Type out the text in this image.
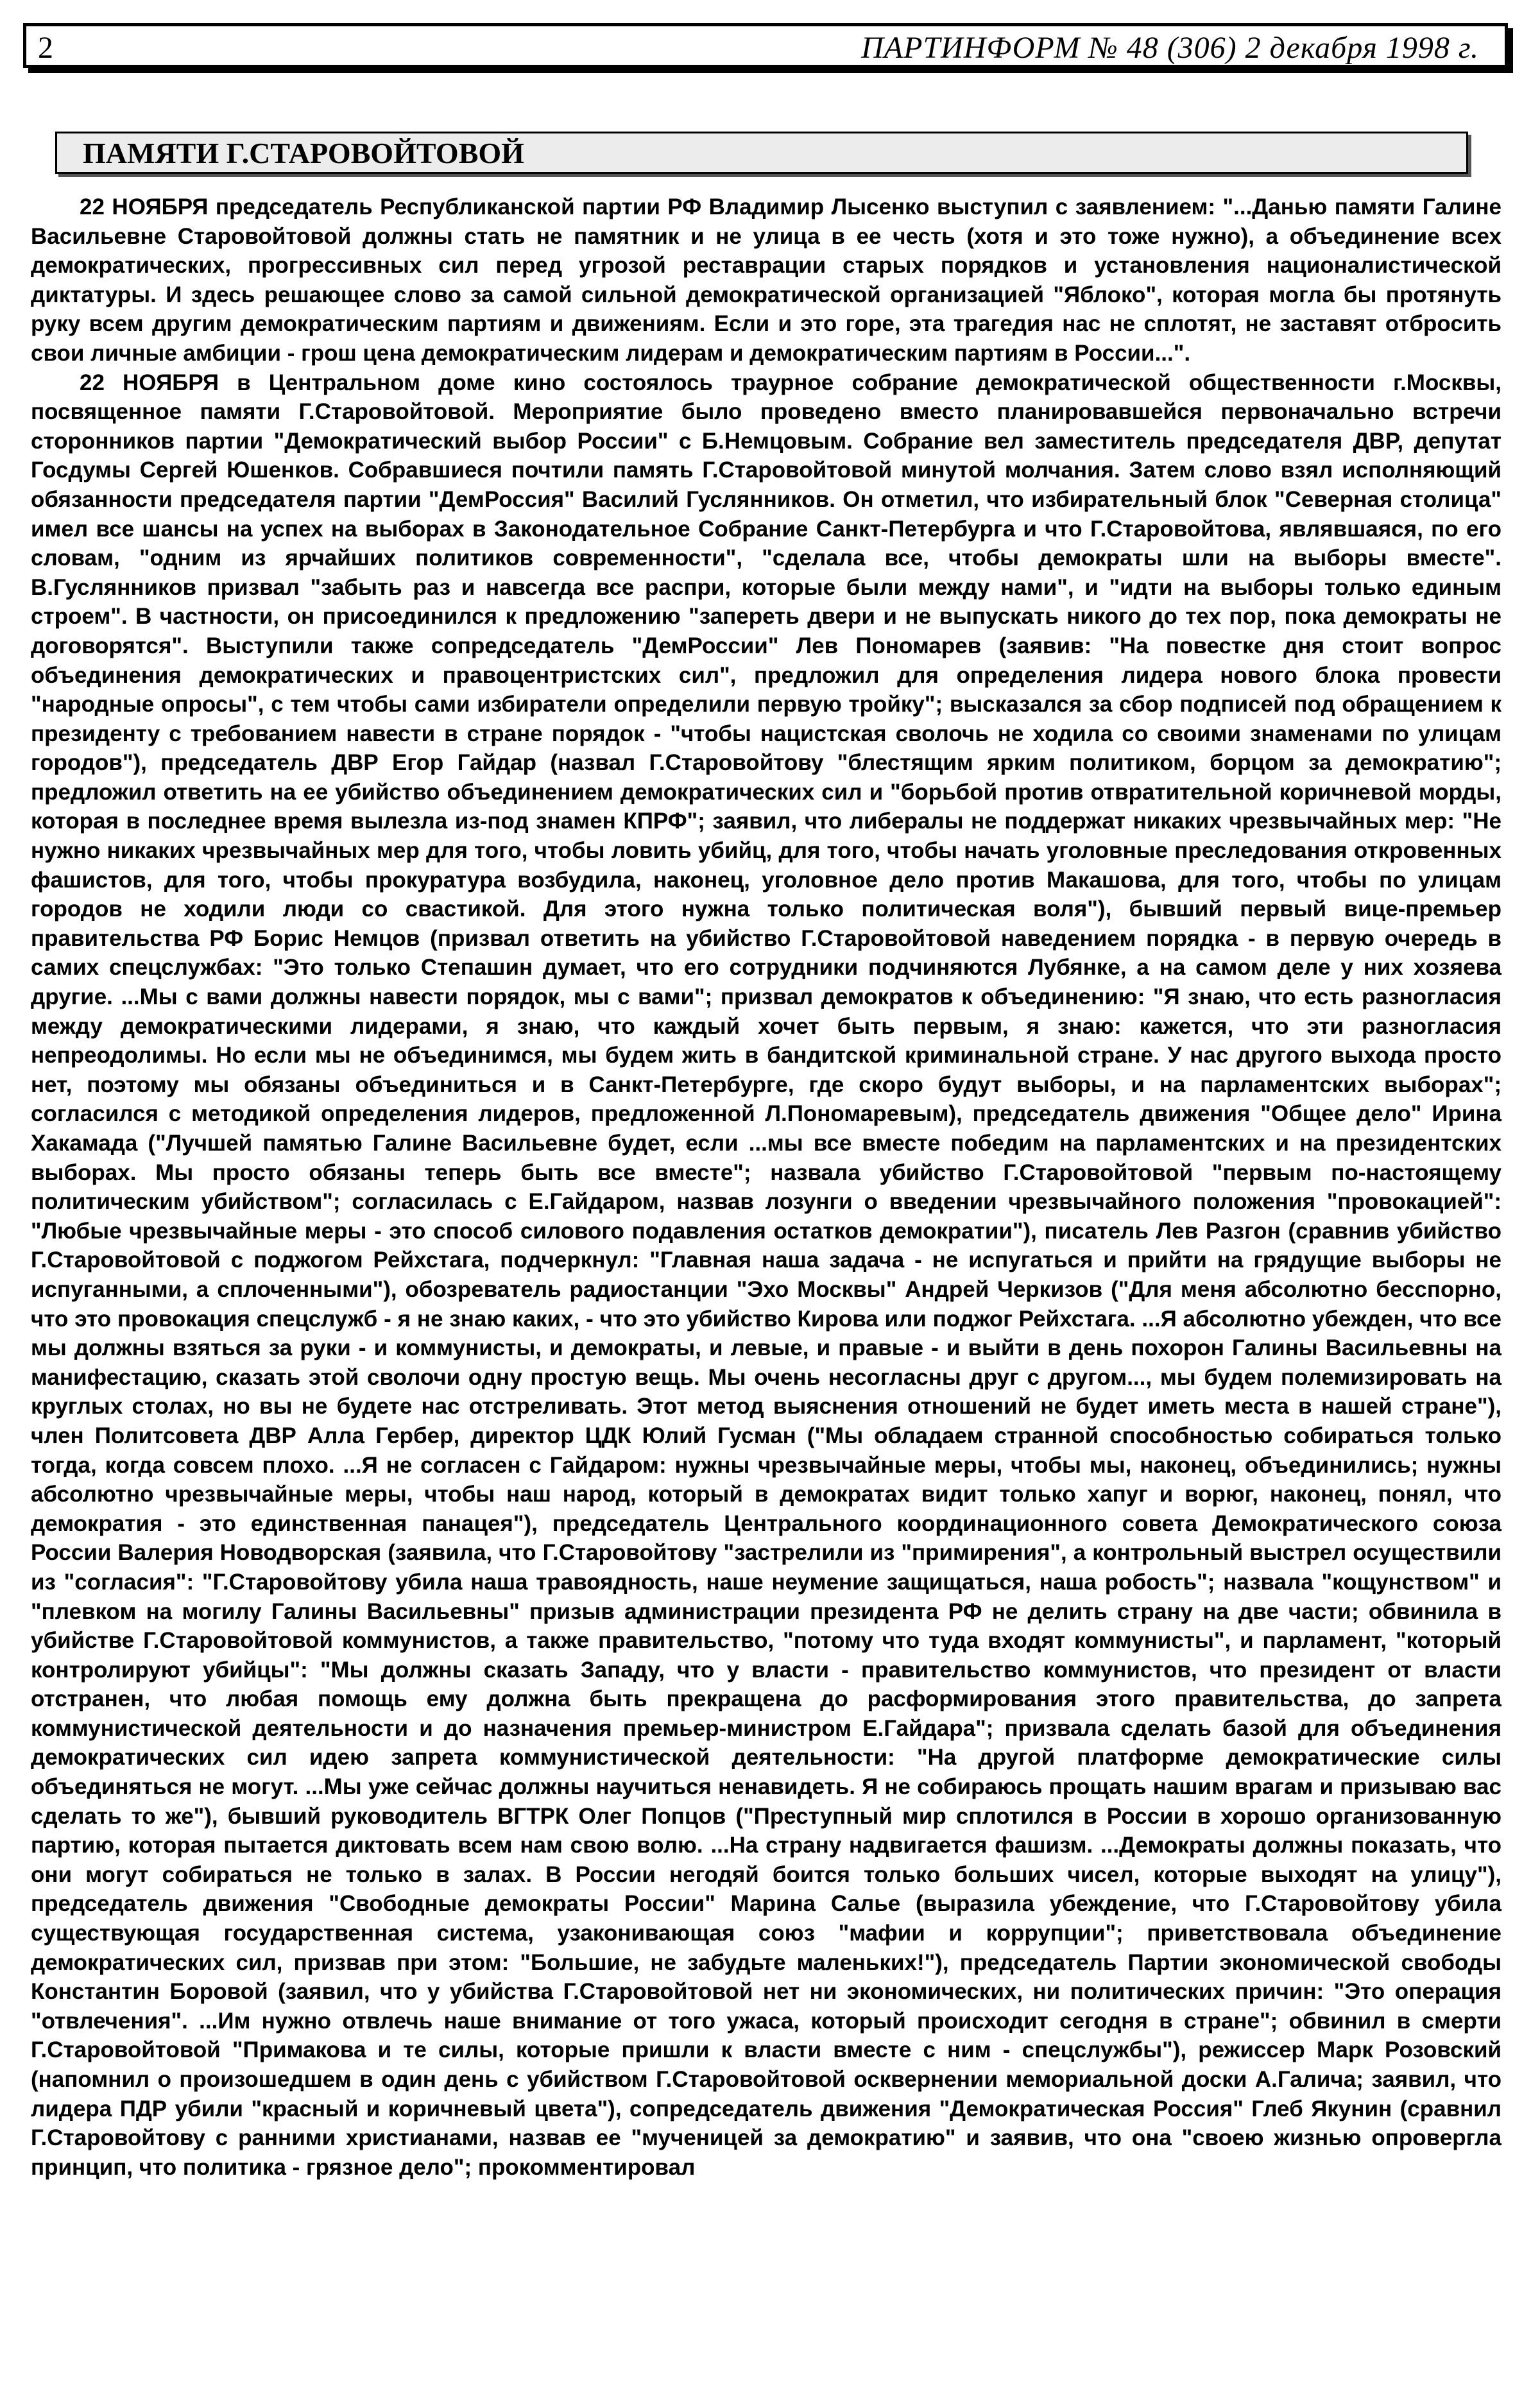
2	ПАРТИНФОРМ № 48 (306) 2 декабря 1998 г.
ПАМЯТИ Г.СТАРОВОЙТОВОЙ

22 НОЯБРЯ председатель Республиканской партии РФ Владимир Лысенко выступил с заявлением: "...Данью памяти Галине Васильевне Старовойтовой должны стать не памятник и не улица в ее честь (хотя и это тоже нужно), а объединение всех демократических, прогрессивных сил перед угрозой реставрации старых порядков и установления националистической диктатуры. И здесь решающее слово за самой сильной демократической организацией "Яблоко", которая могла бы протянуть руку всем другим демократическим партиям и движениям. Если и это горе, эта трагедия нас не сплотят, не заставят отбросить свои личные амбиции - грош цена демократическим лидерам и демократическим партиям в России...".

22 НОЯБРЯ в Центральном доме кино состоялось траурное собрание демократической общественности г.Москвы, посвященное памяти Г.Старовойтовой. Мероприятие было проведено вместо планировавшейся первоначально встречи сторонников партии "Демократический выбор России" с Б.Немцовым. Собрание вел заместитель председателя ДВР, депутат Госдумы Сергей Юшенков. Собравшиеся почтили память Г.Старовойтовой минутой молчания. Затем слово взял исполняющий обязанности председателя партии "ДемРоссия" Василий Гуслянников. Он отметил, что избирательный блок "Северная столица" имел все шансы на успех на выборах в Законодательное Собрание Санкт-Петербурга и что Г.Старовойтова, являвшаяся, по его словам, "одним из ярчайших политиков современности", "сделала все, чтобы демократы шли на выборы вместе". В.Гуслянников призвал "забыть раз и навсегда все распри, которые были между нами", и "идти на выборы только единым строем". В частности, он присоединился к предложению "запереть двери и не выпускать никого до тех пор, пока демократы не договорятся". Выступили также сопредседатель "ДемРоссии" Лев Пономарев (заявив: "На повестке дня стоит вопрос объединения демократических и правоцентристских сил", предложил для определения лидера нового блока провести "народные опросы", с тем чтобы сами избиратели определили первую тройку"; высказался за сбор подписей под обращением к президенту с требованием навести в стране порядок - "чтобы нацистская сволочь не ходила со своими знаменами по улицам городов"), председатель ДВР Егор Гайдар (назвал Г.Старовойтову "блестящим ярким политиком, борцом за демократию"; предложил ответить на ее убийство объединением демократических сил и "борьбой против отвратительной коричневой морды, которая в последнее время вылезла из-под знамен КПРФ"; заявил, что либералы не поддержат никаких чрезвычайных мер: "Не нужно никаких чрезвычайных мер для того, чтобы ловить убийц, для того, чтобы начать уголовные преследования откровенных фашистов, для того, чтобы прокуратура возбудила, наконец, уголовное дело против Макашова, для того, чтобы по улицам городов не ходили люди со свастикой. Для этого нужна только политическая воля"), бывший первый вице-премьер правительства РФ Борис Немцов (призвал ответить на убийство Г.Старовойтовой наведением порядка - в первую очередь в самих спецслужбах: "Это только Степашин думает, что его сотрудники подчиняются Лубянке, а на самом деле у них хозяева другие. ...Мы с вами должны навести порядок, мы с вами"; призвал демократов к объединению: "Я знаю, что есть разногласия между демократическими лидерами, я знаю, что каждый хочет быть первым, я знаю: кажется, что эти разногласия непреодолимы. Но если мы не объединимся, мы будем жить в бандитской криминальной стране. У нас другого выхода просто нет, поэтому мы обязаны объединиться и в Санкт-Петербурге, где скоро будут выборы, и на парламентских выборах"; согласился с методикой определения лидеров, предложенной Л.Пономаревым), председатель движения "Общее дело" Ирина Хакамада ("Лучшей памятью Галине Васильевне будет, если ...мы все вместе победим на парламентских и на президентских выборах. Мы просто обязаны теперь быть все вместе"; назвала убийство Г.Старовойтовой "первым по-настоящему политическим убийством"; согласилась с Е.Гайдаром, назвав лозунги о введении чрезвычайного положения "провокацией": "Любые чрезвычайные меры - это способ силового подавления остатков демократии"), писатель Лев Разгон (сравнив убийство Г.Старовойтовой с поджогом Рейхстага, подчеркнул: "Главная наша задача - не испугаться и прийти на грядущие выборы не испуганными, а сплоченными"), обозреватель радиостанции "Эхо Москвы" Андрей Черкизов ("Для меня абсолютно бесспорно, что это провокация спецслужб - я не знаю каких, - что это убийство Кирова или поджог Рейхстага. ...Я абсолютно убежден, что все мы должны взяться за руки - и коммунисты, и демократы, и левые, и правые - и выйти в день похорон Галины Васильевны на манифестацию, сказать этой сволочи одну простую вещь. Мы очень несогласны друг с другом..., мы будем полемизировать на круглых столах, но вы не будете нас отстреливать. Этот метод выяснения отношений не будет иметь места в нашей стране"), член Политсовета ДВР Алла Гербер, директор ЦДК Юлий Гусман ("Мы обладаем странной способностью собираться только тогда, когда совсем плохо. ...Я не согласен с Гайдаром: нужны чрезвычайные меры, чтобы мы, наконец, объединились; нужны абсолютно чрезвычайные меры, чтобы наш народ, который в демократах видит только хапуг и ворюг, наконец, понял, что демократия - это единственная панацея"), председатель Центрального координационного совета Демократического союза России Валерия Новодворская (заявила, что Г.Старовойтову "застрелили из "примирения", а контрольный выстрел осуществили из "согласия": "Г.Старовойтову убила наша травоядность, наше неумение защищаться, наша робость"; назвала "кощунством" и "плевком на могилу Галины Васильевны" призыв администрации президента РФ не делить страну на две части; обвинила в убийстве Г.Старовойтовой коммунистов, а также правительство, "потому что туда входят коммунисты", и парламент, "который контролируют убийцы": "Мы должны сказать Западу, что у власти - правительство коммунистов, что президент от власти отстранен, что любая помощь ему должна быть прекращена до расформирования этого правительства, до запрета коммунистической деятельности и до назначения премьер-министром Е.Гайдара"; призвала сделать базой для объединения демократических сил идею запрета коммунистической деятельности: "На другой платформе демократические силы объединяться не могут. ...Мы уже сейчас должны научиться ненавидеть. Я не собираюсь прощать нашим врагам и призываю вас сделать то же"), бывший руководитель ВГТРК Олег Попцов ("Преступный мир сплотился в России в хорошо организованную партию, которая пытается диктовать всем нам свою волю. ...На страну надвигается фашизм. ...Демократы должны показать, что они могут собираться не только в залах. В России негодяй боится только больших чисел, которые выходят на улицу"), председатель движения "Свободные демократы России" Марина Салье (выразила убеждение, что Г.Старовойтову убила существующая государственная система, узаконивающая союз "мафии и коррупции"; приветствовала объединение демократических сил, призвав при этом: "Большие, не забудьте маленьких!"), председатель Партии экономической свободы Константин Боровой (заявил, что у убийства Г.Старовойтовой нет ни экономических, ни политических причин: "Это операция "отвлечения". ...Им нужно отвлечь наше внимание от того ужаса, который происходит сегодня в стране"; обвинил в смерти Г.Старовойтовой "Примакова и те силы, которые пришли к власти вместе с ним - спецслужбы"), режиссер Марк Розовский (напомнил о произошедшем в один день с убийством Г.Старовойтовой осквернении мемориальной доски А.Галича; заявил, что лидера ПДР убили "красный и коричневый цвета"), сопредседатель движения "Демократическая Россия" Глеб Якунин (сравнил Г.Старовойтову с ранними христианами, назвав ее "мученицей за демократию" и заявив, что она "своею жизнью опровергла принцип, что политика - грязное дело"; прокомментировал
